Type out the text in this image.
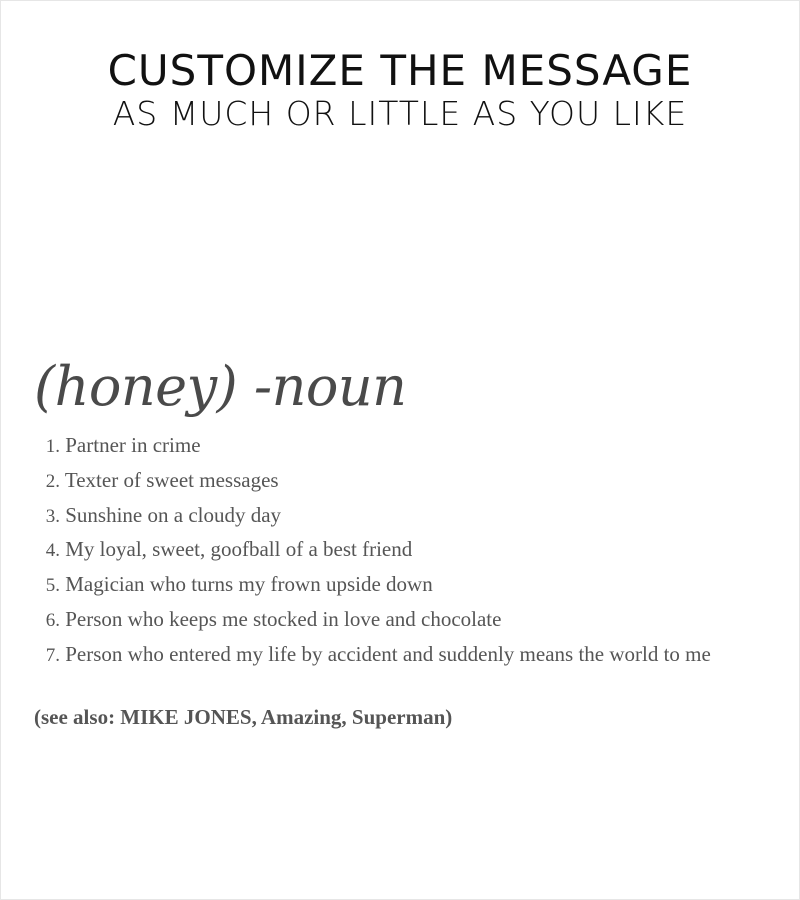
CUSTOMIZE THE MESSAGE
AS MUCH OR LITTLE AS YOU LIKE
(honey) -noun
1. Partner in crime
2. Texter of sweet messages
3. Sunshine on a cloudy day
4. My loyal, sweet, goofball of a best friend
5. Magician who turns my frown upside down
6. Person who keeps me stocked in love and chocolate
7. Person who entered my life by accident and suddenly means the world to me
(see also: MIKE JONES, Amazing, Superman)
